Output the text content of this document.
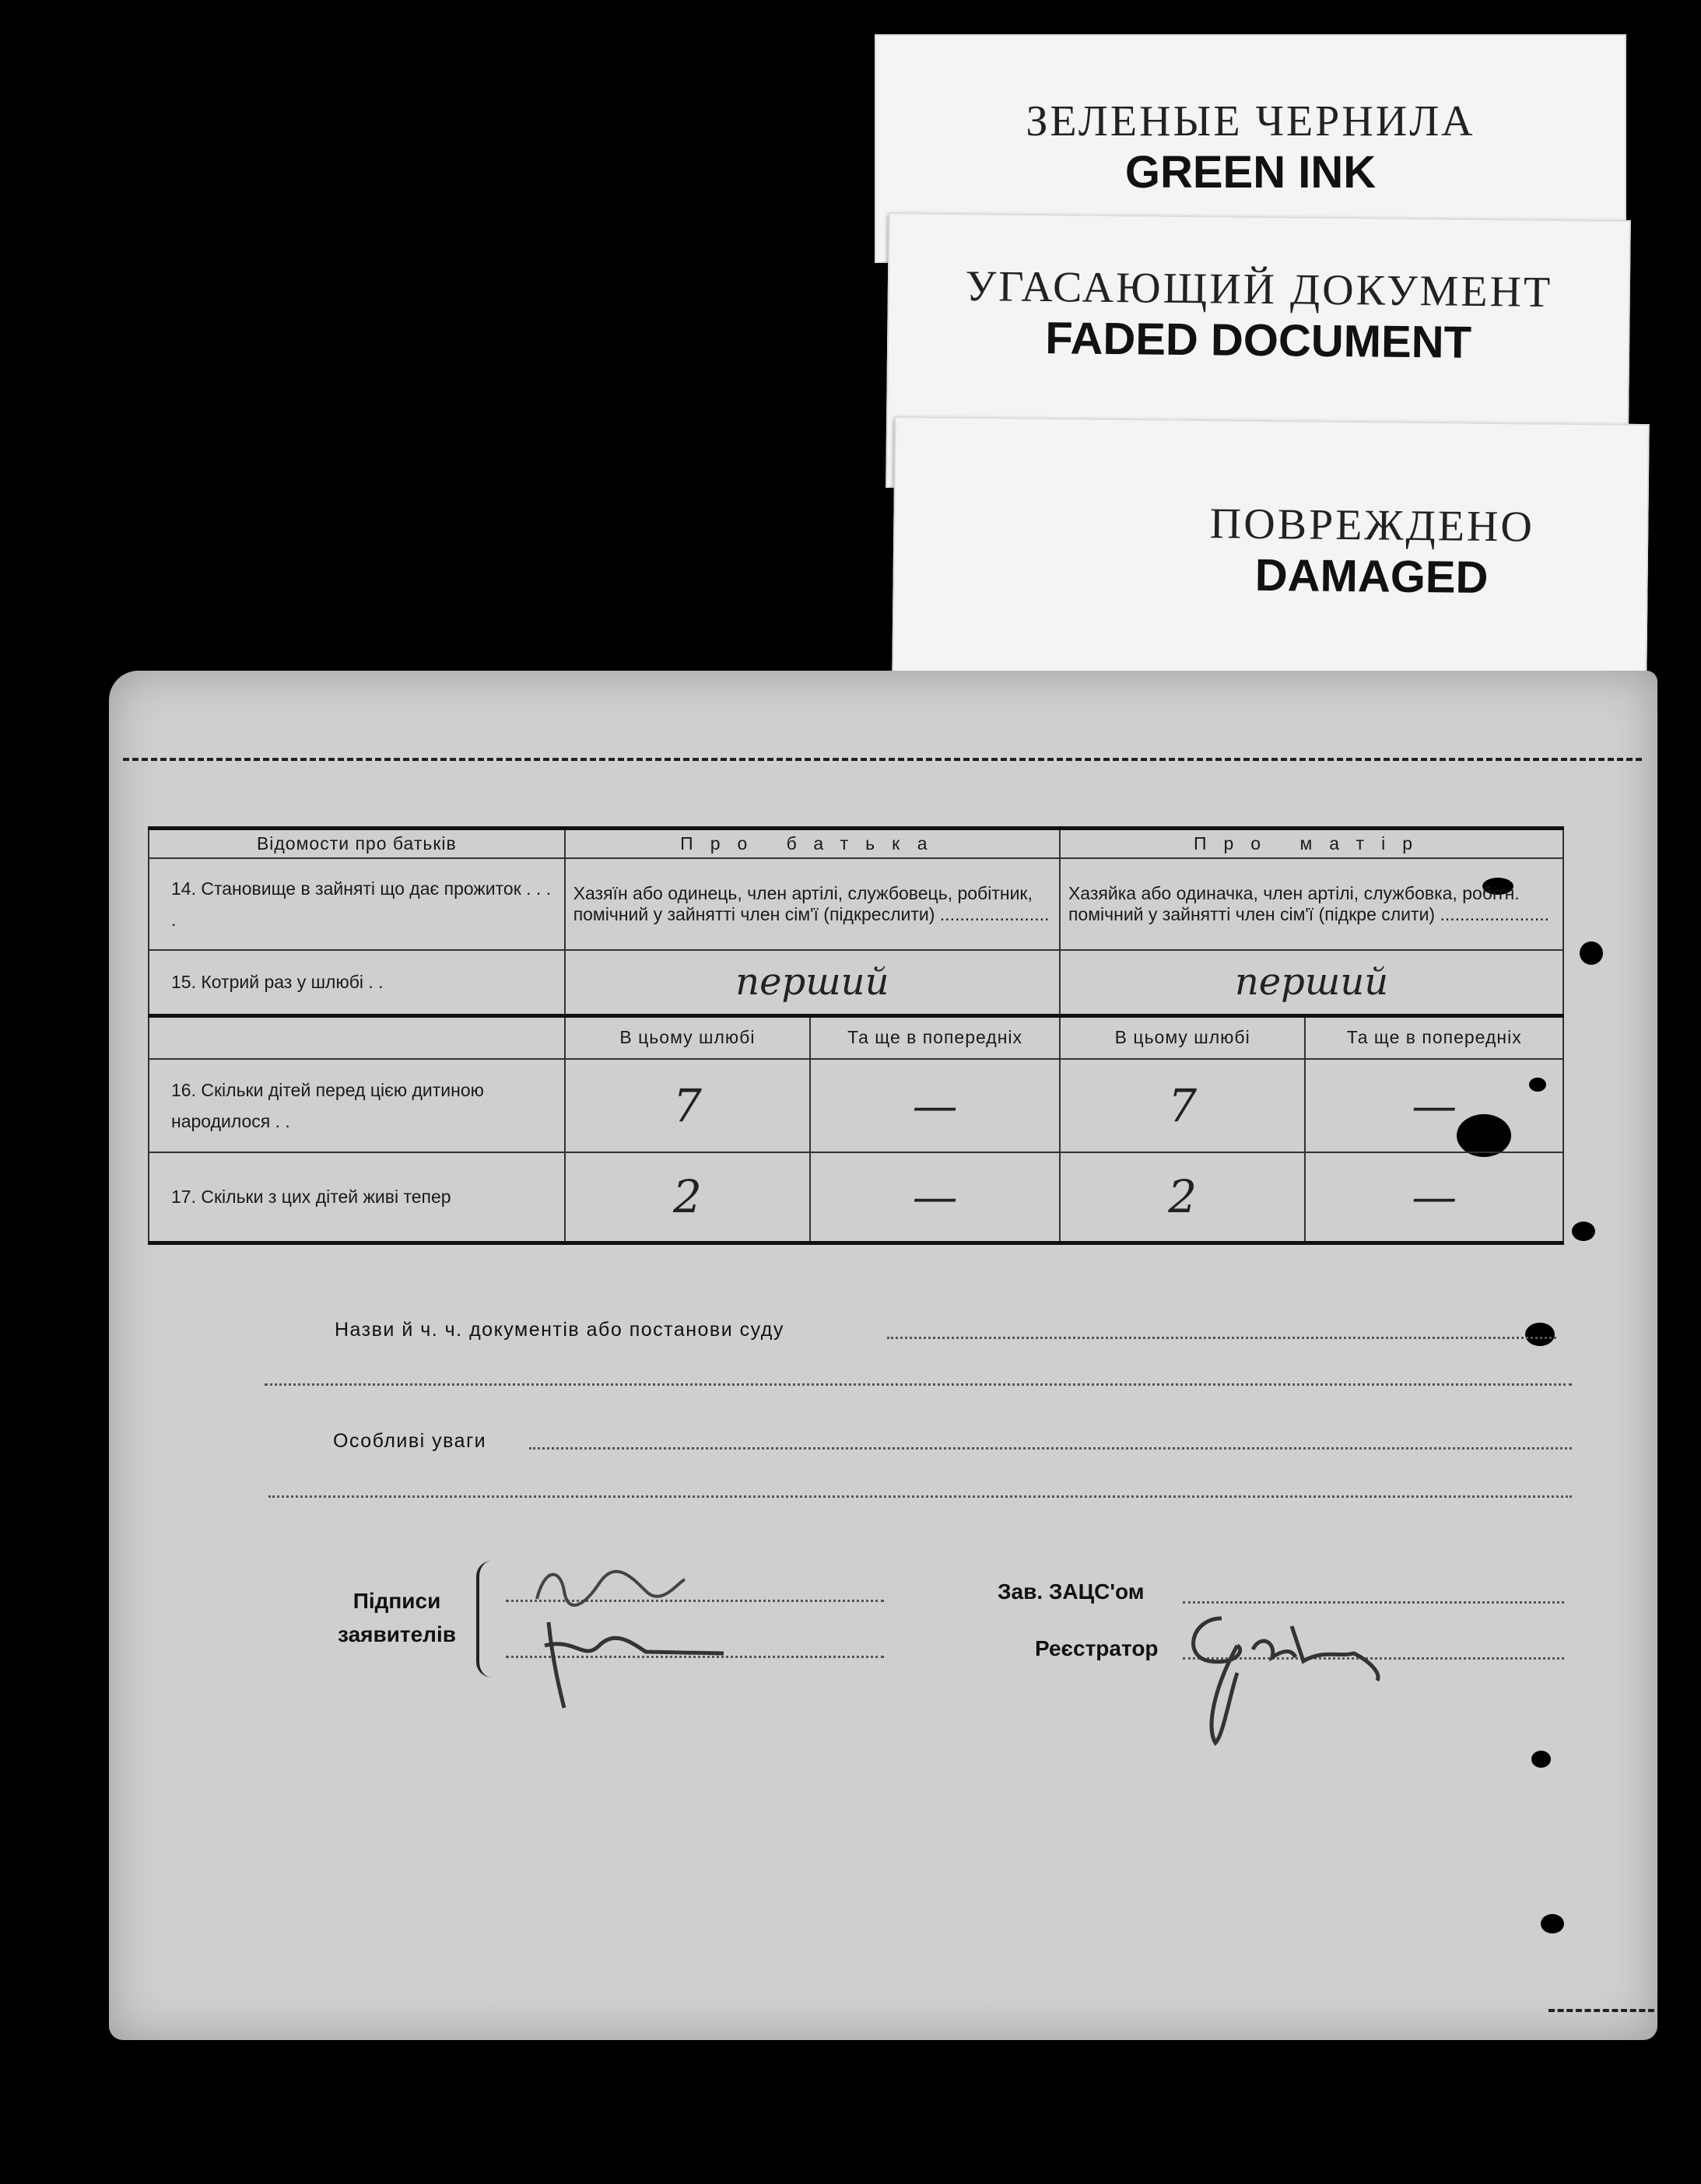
ЗЕЛЕНЫЕ ЧЕРНИЛА
GREEN INK
УГАСАЮЩИЙ ДОКУМЕНТ
FADED DOCUMENT
ПОВРЕЖДЕНО
DAMAGED
Відомости про батьків	Про батька		Про матір	
14. Становище в зайняті що дає прожиток . . . .	Хазяїн або одинець, член артілі, службовець, робітник, помічний у зайнятті член сім'ї (підкреслити) ......................		Хазяйка або одиначка, член артілі, службовка, робітн. помічний у зайнятті член сім'ї (підкре слити) ......................	
15. Котрий раз у шлюбі . .	перший		перший	
	В цьому шлюбі	Та ще в попередніх	В цьому шлюбі	Та ще в попередніх
16. Скільки дітей перед цією дитиною народилося . .	7	—	7	—
17. Скільки з цих дітей живі тепер	2	—	2	—
Назви й ч. ч. документів або постанови суду
Особливі уваги
Підписи
заявителів
Зав. ЗАЦС'ом
Реєстратор
